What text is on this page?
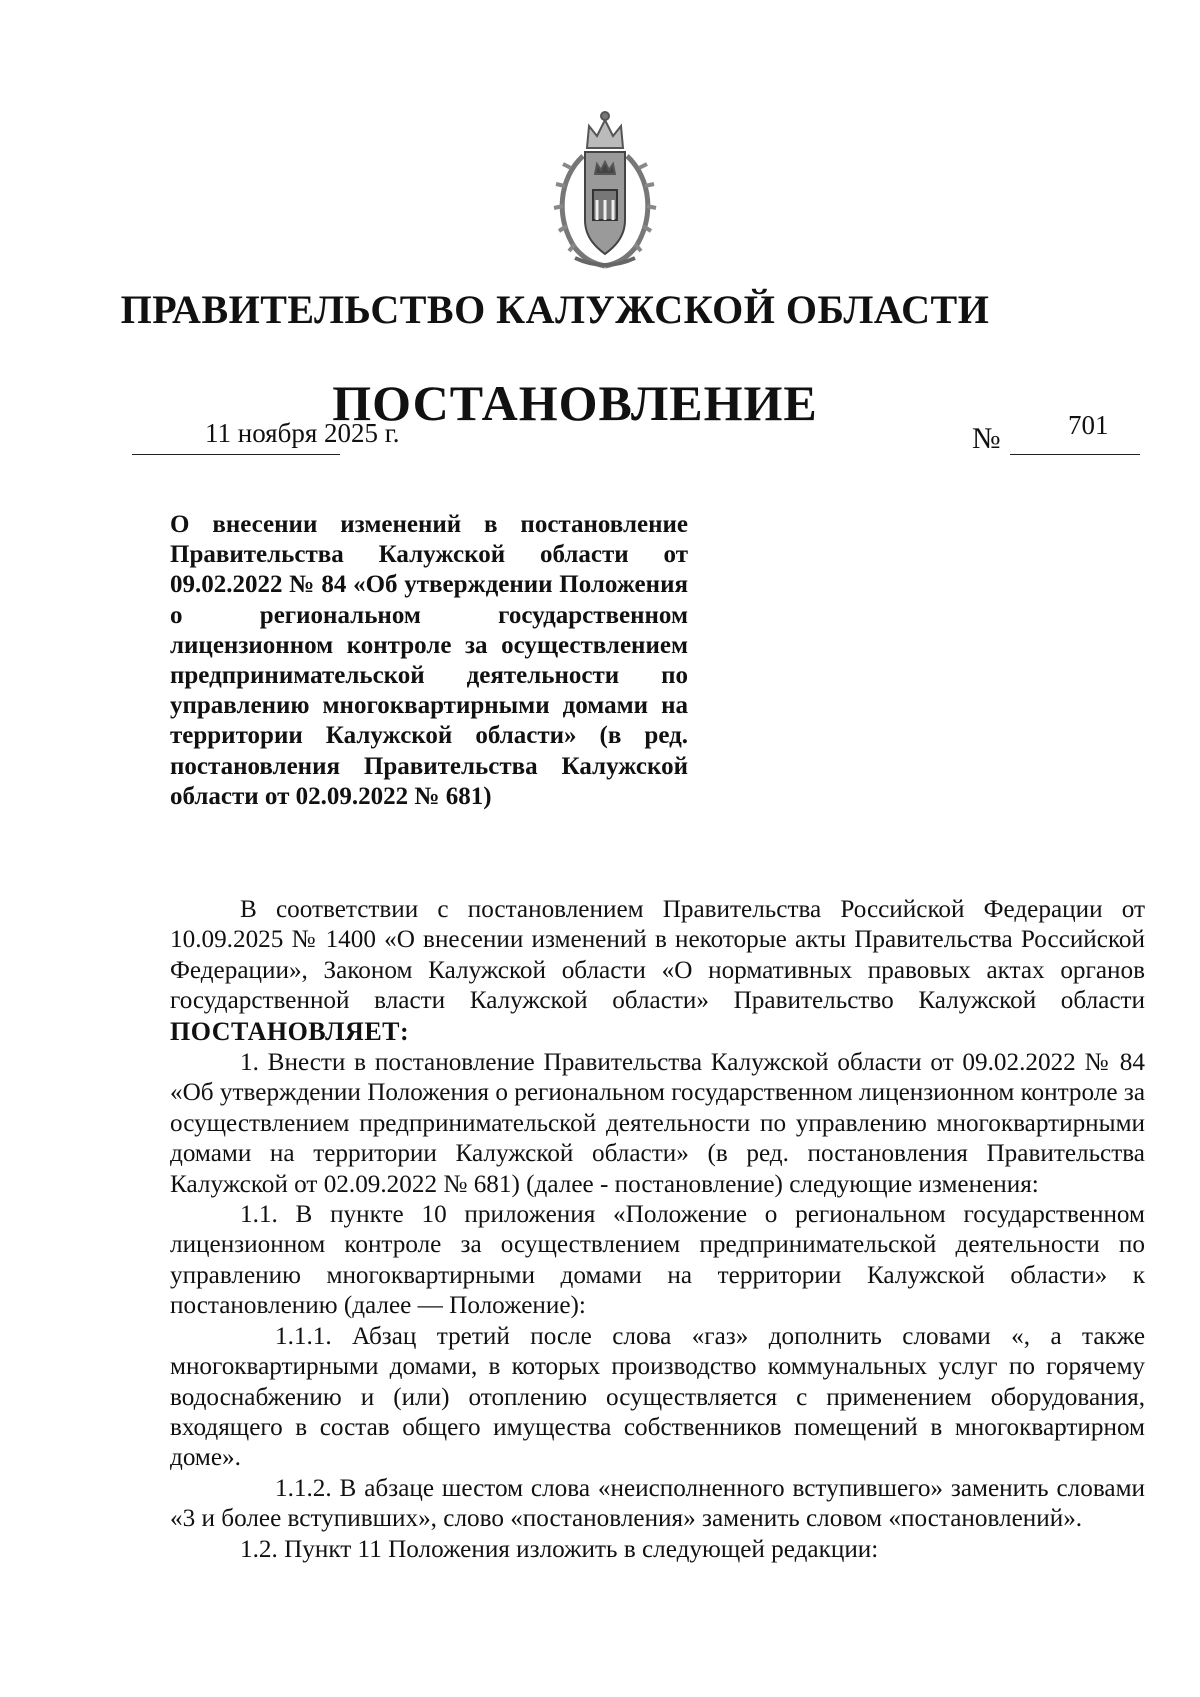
ПРАВИТЕЛЬСТВО КАЛУЖСКОЙ ОБЛАСТИ
ПОСТАНОВЛЕНИЕ
11 ноября 2025 г.	№ 701
О внесении изменений в постановление Правительства Калужской области от 09.02.2022 № 84 «Об утверждении Положения о региональном государственном лицензионном контроле за осуществлением предпринимательской деятельности по управлению многоквартирными домами на территории Калужской области» (в ред. постановления Правительства Калужской области от 02.09.2022 № 681)

В соответствии с постановлением Правительства Российской Федерации от 10.09.2025 № 1400 «О внесении изменений в некоторые акты Правительства Российской Федерации», Законом Калужской области «О нормативных правовых актах органов государственной власти Калужской области» Правительство Калужской области ПОСТАНОВЛЯЕТ:

1. Внести в постановление Правительства Калужской области от 09.02.2022 № 84 «Об утверждении Положения о региональном государственном лицензионном контроле за осуществлением предпринимательской деятельности по управлению многоквартирными домами на территории Калужской области» (в ред. постановления Правительства Калужской от 02.09.2022 № 681) (далее - постановление) следующие изменения:

1.1. В пункте 10 приложения «Положение о региональном государственном лицензионном контроле за осуществлением предпринимательской деятельности по управлению многоквартирными домами на территории Калужской области» к постановлению (далее — Положение):

1.1.1. Абзац третий после слова «газ» дополнить словами «, а также многоквартирными домами, в которых производство коммунальных услуг по горячему водоснабжению и (или) отоплению осуществляется с применением оборудования, входящего в состав общего имущества собственников помещений в многоквартирном доме».

1.1.2. В абзаце шестом слова «неисполненного вступившего» заменить словами «3 и более вступивших», слово «постановления» заменить словом «постановлений».

1.2. Пункт 11 Положения изложить в следующей редакции:
